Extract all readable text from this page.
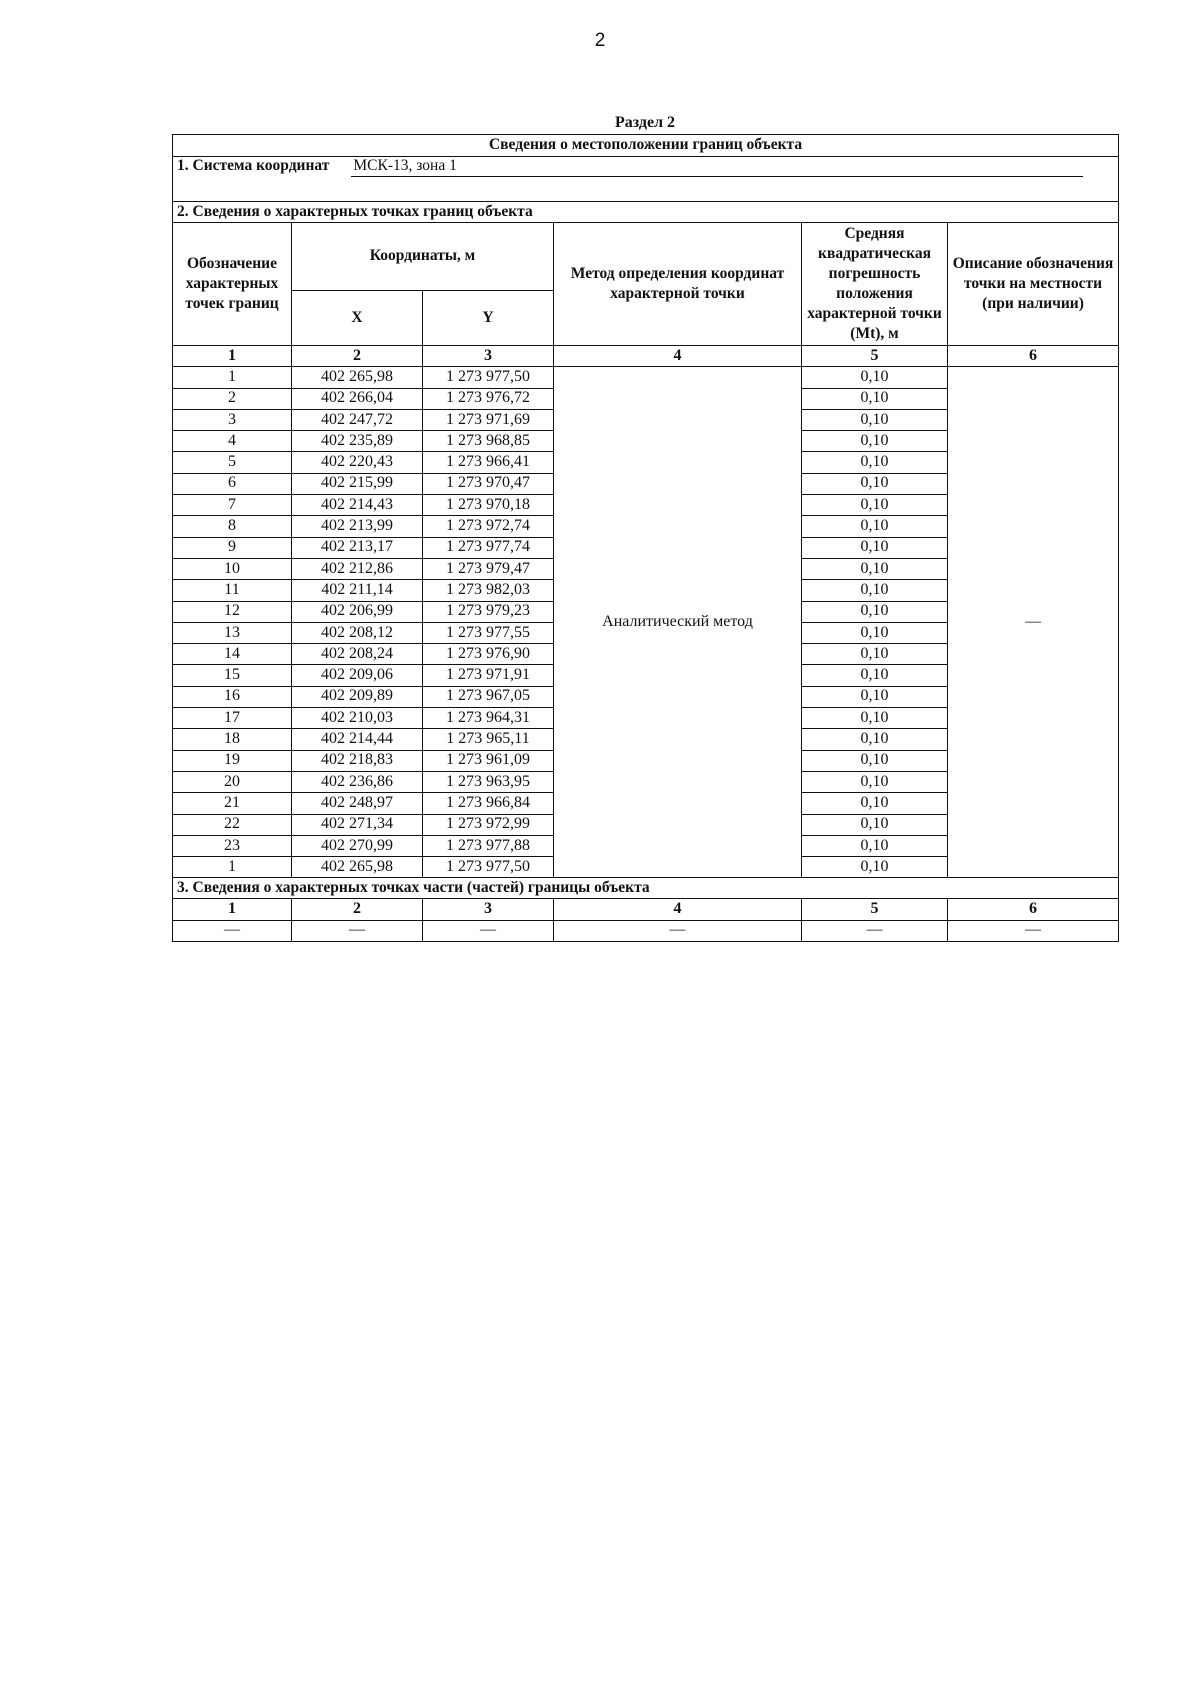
2
Раздел 2
Сведения о местоположении границ объекта					
1. Система координат МСК-13, зона 1					

2. Сведения о характерных точках границ объекта					
Обозначение характерных точек границ	Координаты, м		Метод определения координат характерной точки	Средняя квадратическая погрешность положения характерной точки (Mt), м	Описание обозначения точки на местности (при наличии)
	X	Y			
1	2	3	4	5	6
1	402 265,98	1 273 977,50	Аналитический метод	0,10	—
2	402 266,04	1 273 976,72		0,10	
3	402 247,72	1 273 971,69		0,10	
4	402 235,89	1 273 968,85		0,10	
5	402 220,43	1 273 966,41		0,10	
6	402 215,99	1 273 970,47		0,10	
7	402 214,43	1 273 970,18		0,10	
8	402 213,99	1 273 972,74		0,10	
9	402 213,17	1 273 977,74		0,10	
10	402 212,86	1 273 979,47		0,10	
11	402 211,14	1 273 982,03		0,10	
12	402 206,99	1 273 979,23		0,10	
13	402 208,12	1 273 977,55		0,10	
14	402 208,24	1 273 976,90		0,10	
15	402 209,06	1 273 971,91		0,10	
16	402 209,89	1 273 967,05		0,10	
17	402 210,03	1 273 964,31		0,10	
18	402 214,44	1 273 965,11		0,10	
19	402 218,83	1 273 961,09		0,10	
20	402 236,86	1 273 963,95		0,10	
21	402 248,97	1 273 966,84		0,10	
22	402 271,34	1 273 972,99		0,10	
23	402 270,99	1 273 977,88		0,10	
1	402 265,98	1 273 977,50		0,10	
3. Сведения о характерных точках части (частей) границы объекта					
1	2	3	4	5	6
—	—	—	—	—	—
